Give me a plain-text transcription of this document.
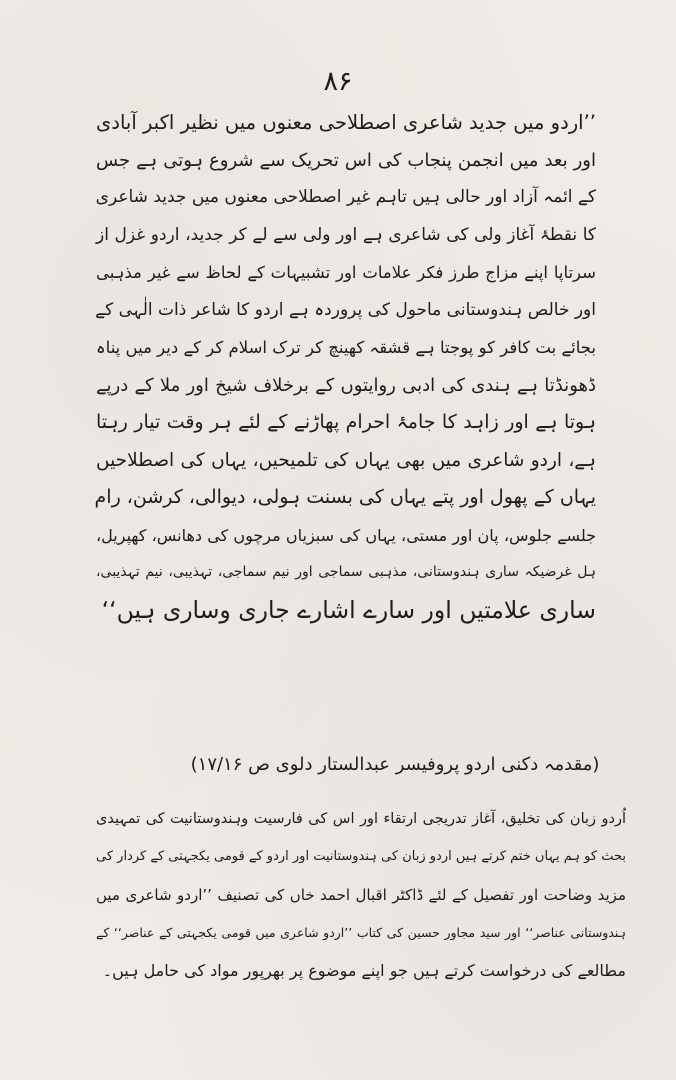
۸۶
’’اردو میں جدید شاعری اصطلاحی معنوں میں نظیر اکبر آبادی
اور بعد میں انجمن پنجاب کی اس تحریک سے شروع ہوتی ہے جس
کے ائمہ آزاد اور حالی ہیں تاہم غیر اصطلاحی معنوں میں جدید شاعری
کا نقطۂ آغاز ولی کی شاعری ہے اور ولی سے لے کر جدید، اردو غزل از
سرتاپا اپنے مزاج طرز فکر علامات اور تشبیہات کے لحاظ سے غیر مذہبی
اور خالص ہندوستانی ماحول کی پروردہ ہے اردو کا شاعر ذات الٰہی کے
بجائے بت کافر کو پوجتا ہے قشقہ کھینچ کر ترک اسلام کر کے دیر میں پناہ
ڈھونڈتا ہے ہندی کی ادبی روایتوں کے برخلاف شیخ اور ملا کے درپے
ہوتا ہے اور زاہد کا جامۂ احرام پھاڑنے کے لئے ہر وقت تیار رہتا
ہے، اردو شاعری میں بھی یہاں کی تلمیحیں، یہاں کی اصطلاحیں
یہاں کے پھول اور پتے یہاں کی بسنت ہولی، دیوالی، کرشن، رام
جلسے جلوس، پان اور مستی، یہاں کی سبزیاں مرچوں کی دھانس، کھپریل،
ہل غرضیکہ ساری ہندوستانی، مذہبی سماجی اور نیم سماجی، تہذیبی، نیم تہذیبی،
ساری علامتیں اور سارے اشارے جاری وساری ہیں‘‘
(مقدمہ دکنی اردو پروفیسر عبدالستار دلوی ص ۱۷/۱۶)
اُردو زبان کی تخلیق، آغاز تدریجی ارتقاء اور اس کی فارسیت وہندوستانیت کی تمہیدی
بحث کو ہم یہاں ختم کرتے ہیں اردو زبان کی ہندوستانیت اور اردو کے قومی یکجہتی کے کردار کی
مزید وضاحت اور تفصیل کے لئے ڈاکٹر اقبال احمد خاں کی تصنیف ’’اردو شاعری میں
ہندوستانی عناصر‘‘ اور سید مجاور حسین کی کتاب ’’اردو شاعری میں قومی یکجہتی کے عناصر‘‘ کے
مطالعے کی درخواست کرتے ہیں جو اپنے موضوع پر بھرپور مواد کی حامل ہیں۔
